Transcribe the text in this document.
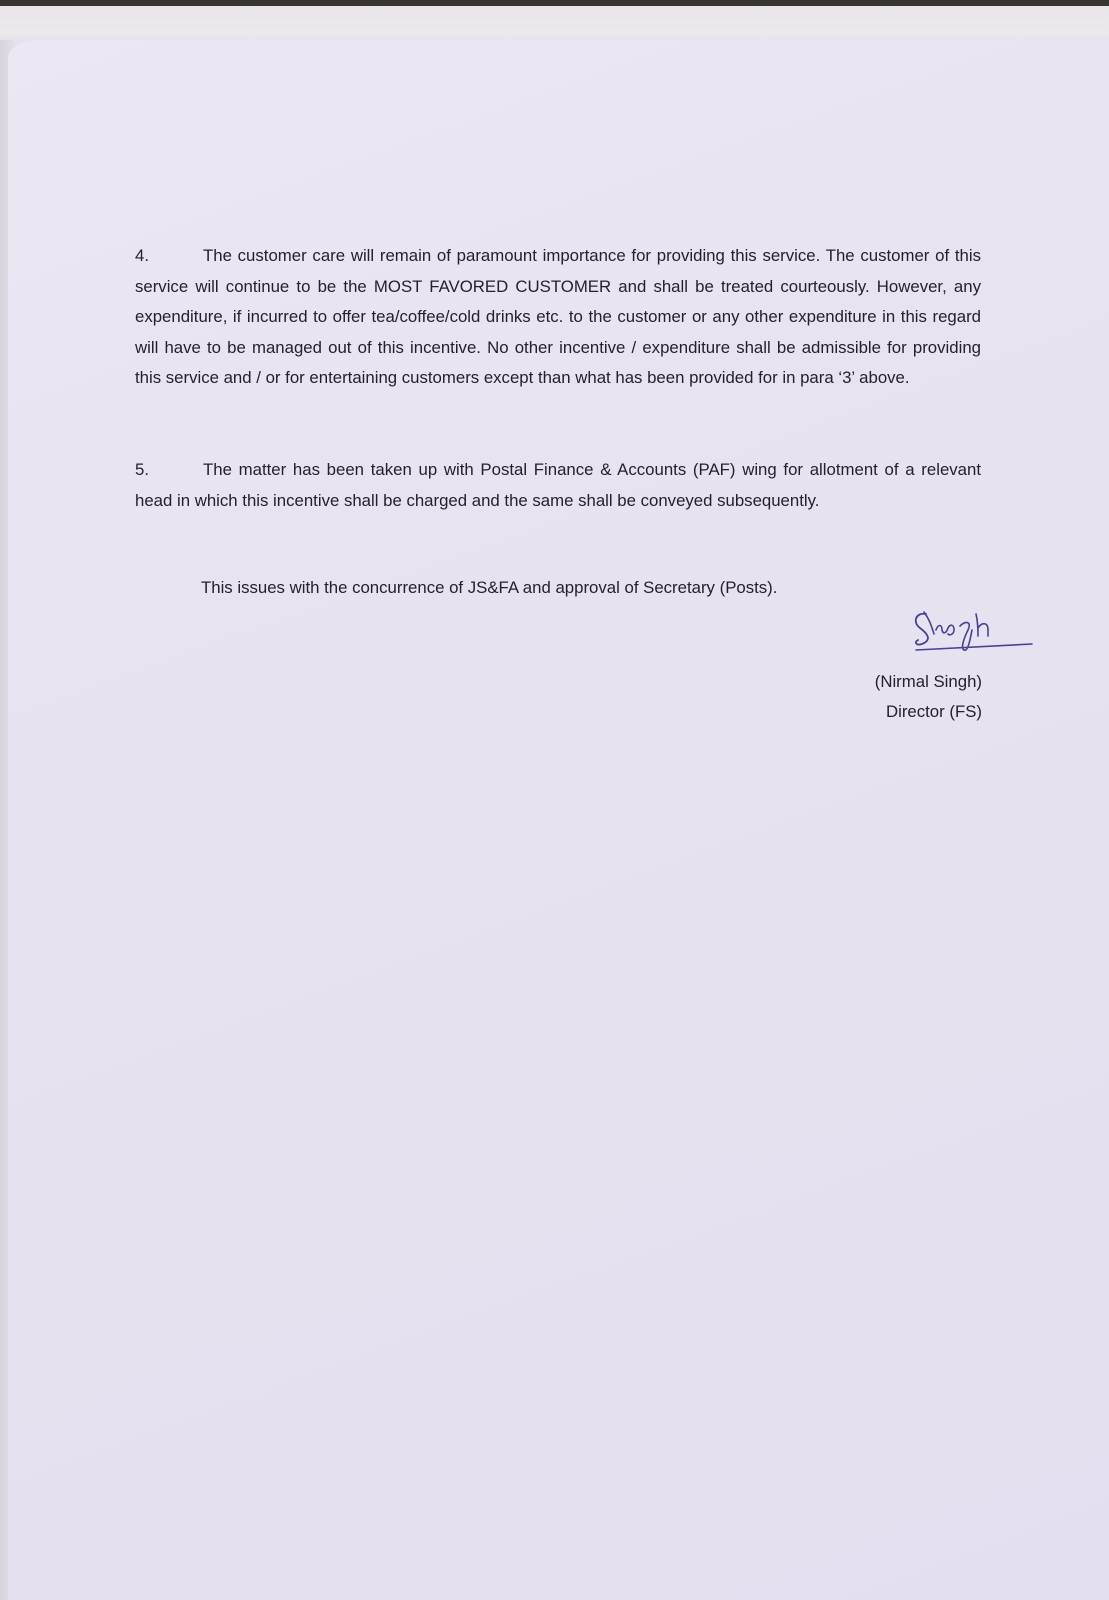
4.	The customer care will remain of paramount importance for providing this service. The customer of this service will continue to be the MOST FAVORED CUSTOMER and shall be treated courteously. However, any expenditure, if incurred to offer tea/coffee/cold drinks etc. to the customer or any other expenditure in this regard will have to be managed out of this incentive. No other incentive / expenditure shall be admissible for providing this service and / or for entertaining customers except than what has been provided for in para ‘3’ above.

5.	The matter has been taken up with Postal Finance & Accounts (PAF) wing for allotment of a relevant head in which this incentive shall be charged and the same shall be conveyed subsequently.

This issues with the concurrence of JS&FA and approval of Secretary (Posts).

(Nirmal Singh)
Director (FS)
